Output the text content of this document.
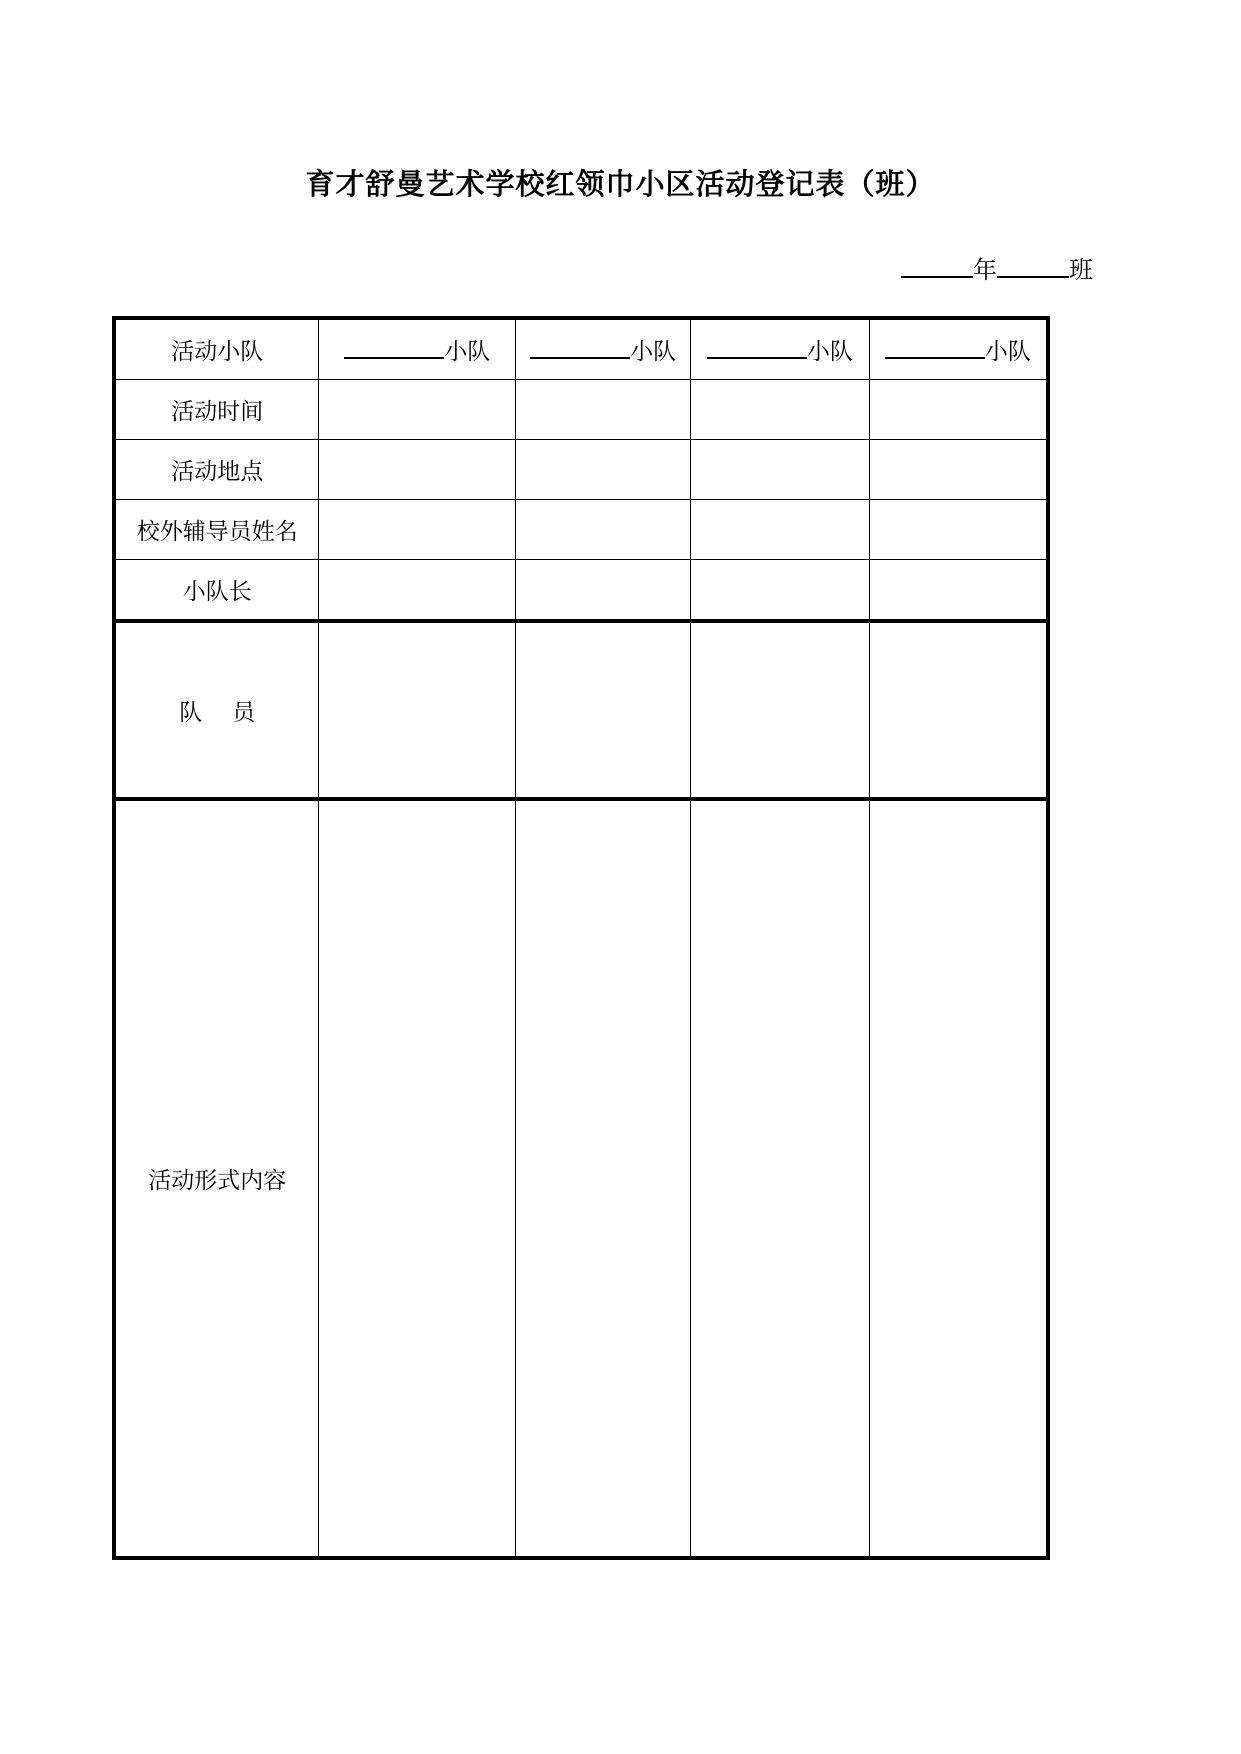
育才舒曼艺术学校红领巾小区活动登记表（班）
年	班
活动小队	小队	小队	小队	小队
活动时间				
活动地点				
校外辅导员姓名				
小队长				
队员				
活动形式内容				
